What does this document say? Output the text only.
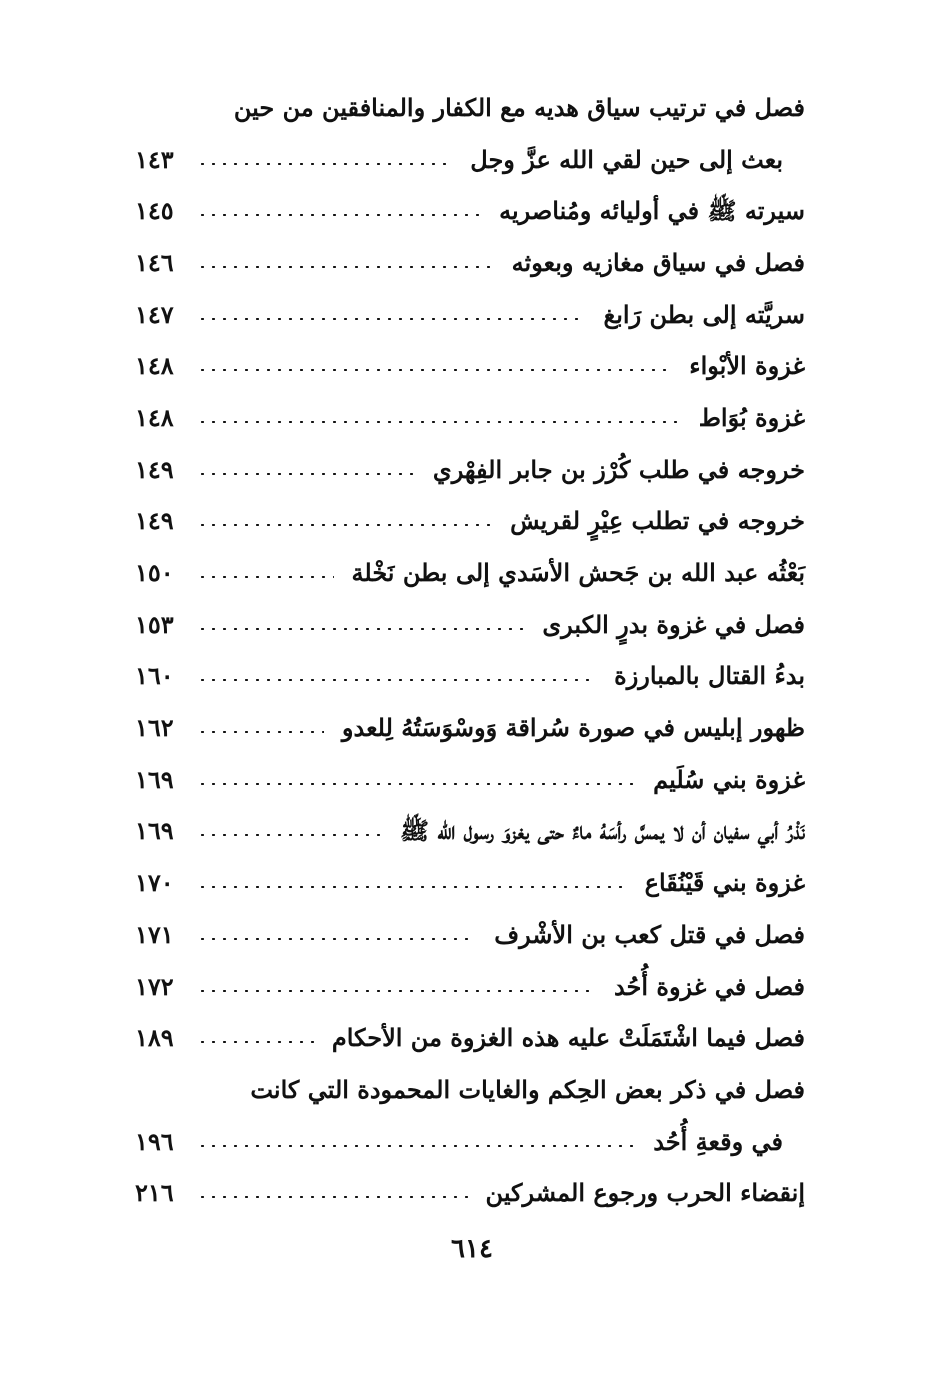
فصل في ترتيب سياق هديه مع الكفار والمنافقين من حين
بعث إلى حين لقي الله عزَّ وجل
١٤٣
سيرته ﷺ في أوليائه ومُناصريه
١٤٥
فصل في سياق مغازيه وبعوثه
١٤٦
سريَّته إلى بطن رَابغ
١٤٧
غزوة الأبْواء
١٤٨
غزوة بُوَاط
١٤٨
خروجه في طلب كُرْز بن جابر الفِهْري
١٤٩
خروجه في تطلب عِيْرٍ لقريش
١٤٩
بَعْثُه عبد الله بن جَحش الأسَدي إلى بطن نَخْلة
١٥٠
فصل في غزوة بدرٍ الكبرى
١٥٣
بدءُ القتال بالمبارزة
١٦٠
ظهور إبليس في صورة سُراقة وَوسْوَسَتُهُ لِلعدو
١٦٢
غزوة بني سُلَيم
١٦٩
نَذْرُ أبي سفيان أن لا يمسَّ رأسَهُ ماءٌ حتى يغزوَ رسول الله ﷺ
١٦٩
غزوة بني قَيْنُقَاع
١٧٠
فصل في قتل كعب بن الأشْرف
١٧١
فصل في غزوة أُحُد
١٧٢
فصل فيما اشْتَمَلَتْ عليه هذه الغزوة من الأحكام
١٨٩
فصل في ذكر بعض الحِكم والغايات المحمودة التي كانت
في وقعةِ أُحُد
١٩٦
إنقضاء الحرب ورجوع المشركين
٢١٦
٦١٤
